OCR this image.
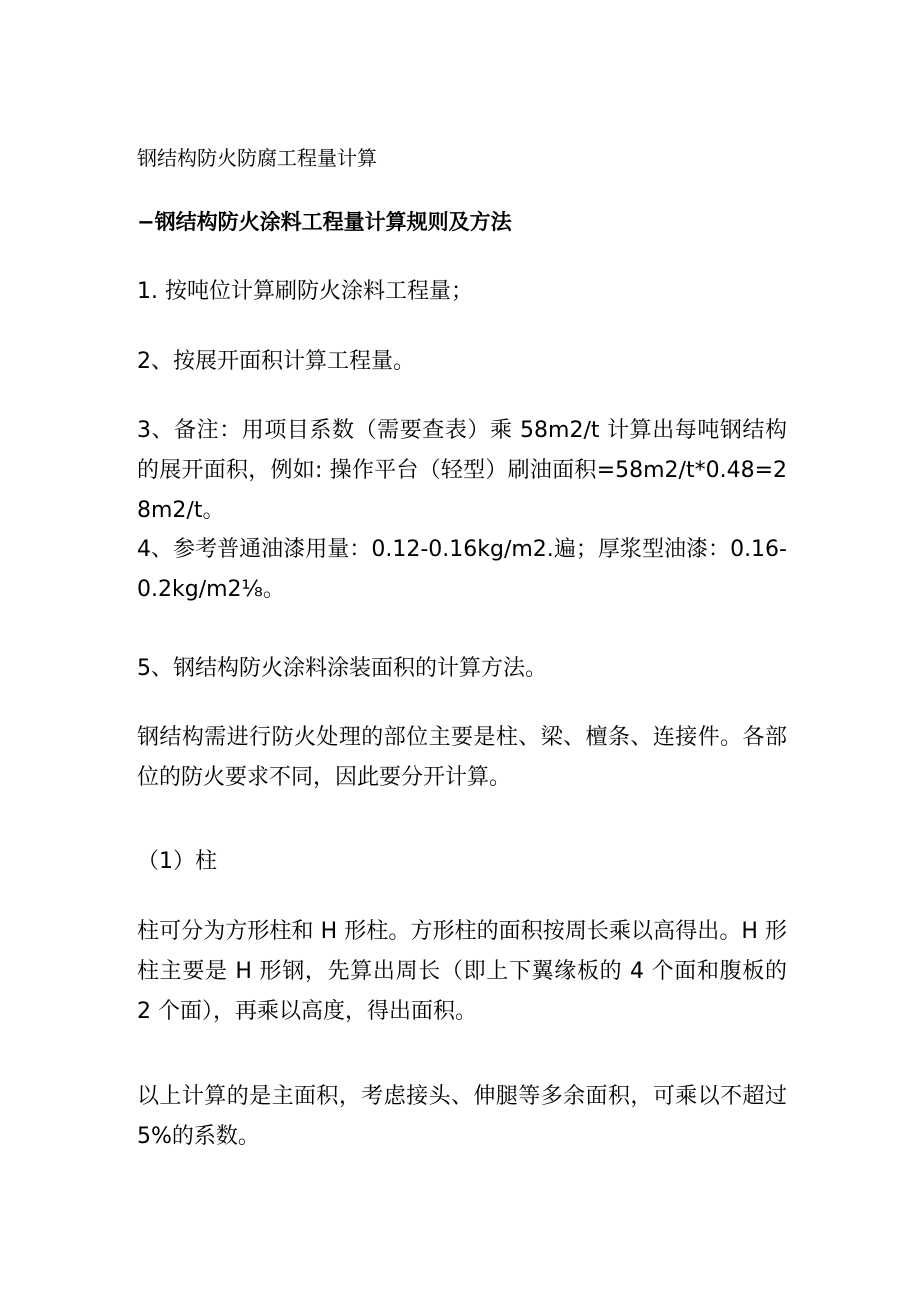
钢结构防火防腐工程量计算
−钢结构防火涂料工程量计算规则及方法
1. 按吨位计算刷防火涂料工程量；
2、按展开面积计算工程量。
3、备注：用项目系数（需要查表）乘 58m2∕t 计算出每吨钢结构的展开面积，例如: 操作平台（轻型）刷油面积=58m2∕t*0.48=28m2∕t。
4、参考普通油漆用量：0.12-0.16kg∕m2.遍；厚浆型油漆：0.16-0.2kg∕m2⅛。
5、钢结构防火涂料涂装面积的计算方法。
钢结构需进行防火处理的部位主要是柱、梁、檀条、连接件。各部位的防火要求不同，因此要分开计算。
（1）柱
柱可分为方形柱和 H 形柱。方形柱的面积按周长乘以高得出。H 形柱主要是 H 形钢，先算出周长（即上下翼缘板的 4 个面和腹板的 2 个面），再乘以高度，得出面积。
以上计算的是主面积，考虑接头、伸腿等多余面积，可乘以不超过 5%的系数。
